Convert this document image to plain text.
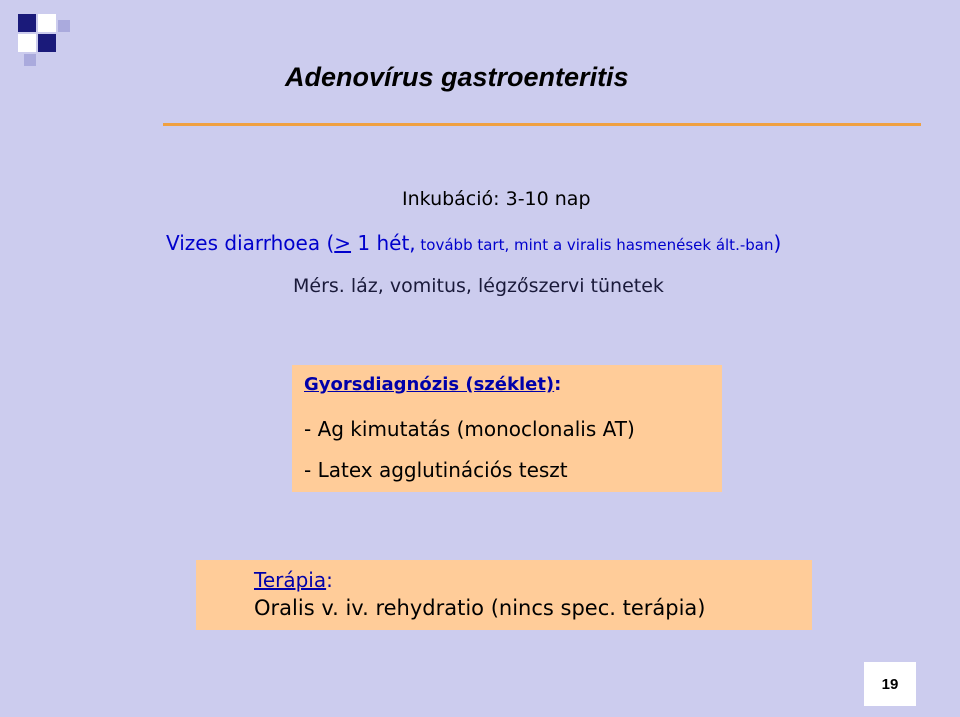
Adenovírus gastroenteritis
Inkubáció: 3-10 nap
Vizes diarrhoea (> 1 hét, tovább tart, mint a viralis hasmenések ált.-ban)
Mérs. láz, vomitus, légzőszervi tünetek
Gyorsdiagnózis (széklet):
- Ag kimutatás (monoclonalis AT)
- Latex agglutinációs teszt
Terápia:
Oralis v. iv. rehydratio (nincs spec. terápia)
19
